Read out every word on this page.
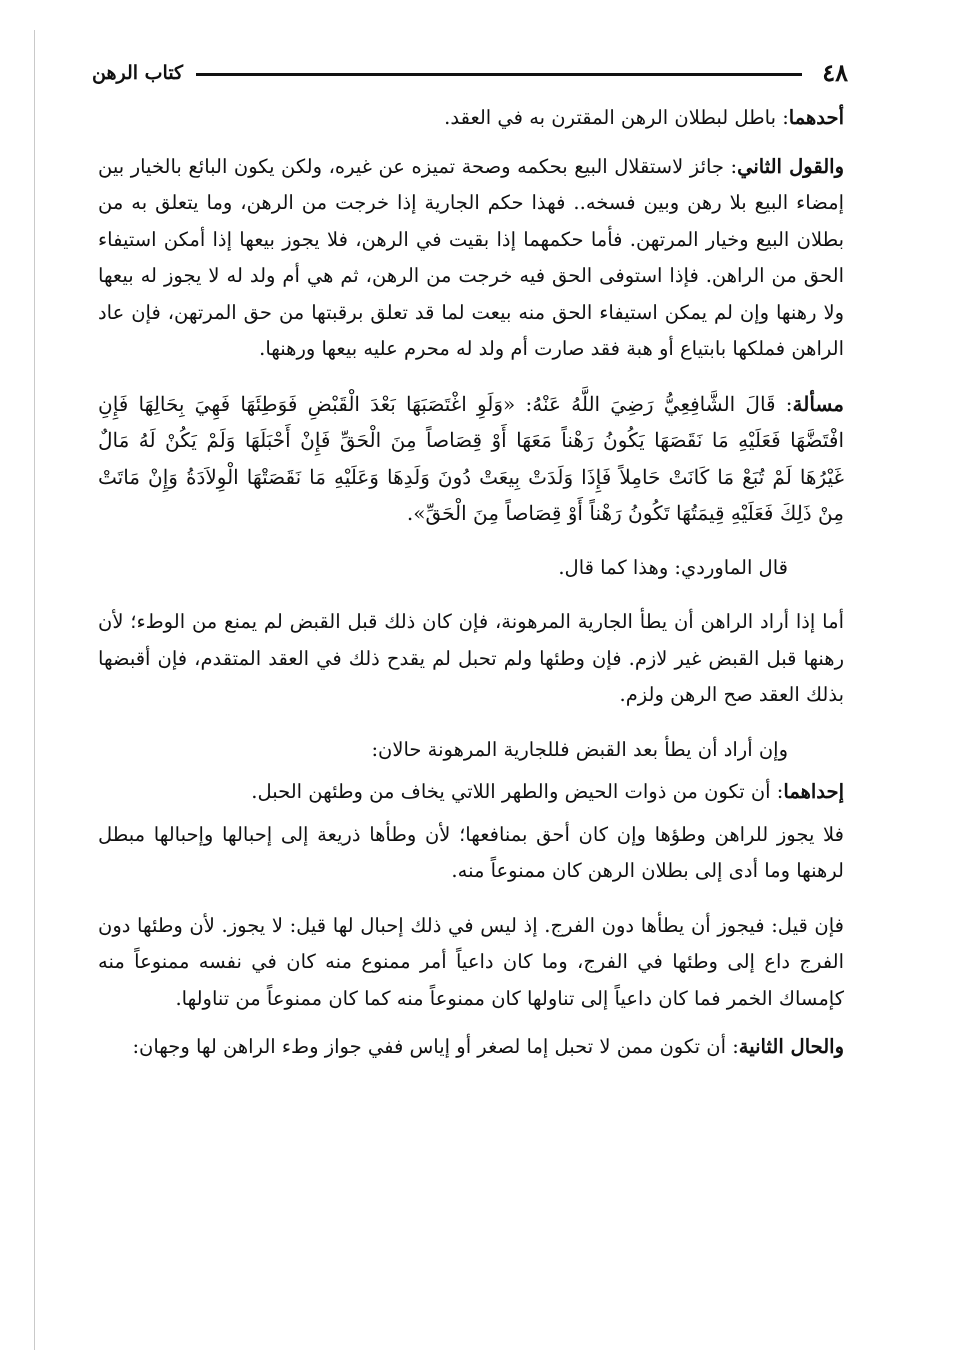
٤٨
كتاب الرهن

أحدهما: باطل لبطلان الرهن المقترن به في العقد.

والقول الثاني: جائز لاستقلال البيع بحكمه وصحة تميزه عن غيره، ولكن يكون البائع بالخيار بين إمضاء البيع بلا رهن وبين فسخه.. فهذا حكم الجارية إذا خرجت من الرهن، وما يتعلق به من بطلان البيع وخيار المرتهن. فأما حكمهما إذا بقيت في الرهن، فلا يجوز بيعها إذا أمكن استيفاء الحق من الراهن. فإذا استوفى الحق فيه خرجت من الرهن، ثم هي أم ولد له لا يجوز له بيعها ولا رهنها وإن لم يمكن استيفاء الحق منه بيعت لما قد تعلق برقبتها من حق المرتهن، فإن عاد الراهن فملكها بابتياع أو هبة فقد صارت أم ولد له محرم عليه بيعها ورهنها.

مسألة: قَالَ الشَّافِعِيُّ رَضِيَ اللَّهُ عَنْهُ: «وَلَوِ اغْتَصَبَهَا بَعْدَ الْقَبْضِ فَوَطِئَهَا فَهِيَ بِحَالِهَا فَإِنِ افْتَضَّهَا فَعَلَيْهِ مَا نَقَصَهَا يَكُونُ رَهْناً مَعَهَا أَوْ قِصَاصاً مِنَ الْحَقِّ فَإِنْ أَحْبَلَهَا وَلَمْ يَكُنْ لَهُ مَالٌ غَيْرُهَا لَمْ تُبَعْ مَا كَانَتْ حَامِلاً فَإِذَا وَلَدَتْ بِيعَتْ دُونَ وَلَدِهَا وَعَلَيْهِ مَا نَقَصَتْهَا الْوِلاَدَةُ وَإِنْ مَاتَتْ مِنْ ذَلِكَ فَعَلَيْهِ قِيمَتُهَا تَكُونُ رَهْناً أَوْ قِصَاصاً مِنَ الْحَقِّ».

قال الماوردي: وهذا كما قال.

أما إذا أراد الراهن أن يطأ الجارية المرهونة، فإن كان ذلك قبل القبض لم يمنع من الوطء؛ لأن رهنها قبل القبض غير لازم. فإن وطئها ولم تحبل لم يقدح ذلك في العقد المتقدم، فإن أقبضها بذلك العقد صح الرهن ولزم.

وإن أراد أن يطأ بعد القبض فللجارية المرهونة حالان:

إحداهما: أن تكون من ذوات الحيض والطهر اللاتي يخاف من وطئهن الحبل.

فلا يجوز للراهن وطؤها وإن كان أحق بمنافعها؛ لأن وطأها ذريعة إلى إحبالها وإحبالها مبطل لرهنها وما أدى إلى بطلان الرهن كان ممنوعاً منه.

فإن قيل: فيجوز أن يطأها دون الفرج. إذ ليس في ذلك إحبال لها قيل: لا يجوز. لأن وطئها دون الفرج داع إلى وطئها في الفرج، وما كان داعياً أمر ممنوع منه كان في نفسه ممنوعاً منه كإمساك الخمر فما كان داعياً إلى تناولها كان ممنوعاً منه كما كان ممنوعاً من تناولها.

والحال الثانية: أن تكون ممن لا تحبل إما لصغر أو إياس ففي جواز وطء الراهن لها وجهان:
